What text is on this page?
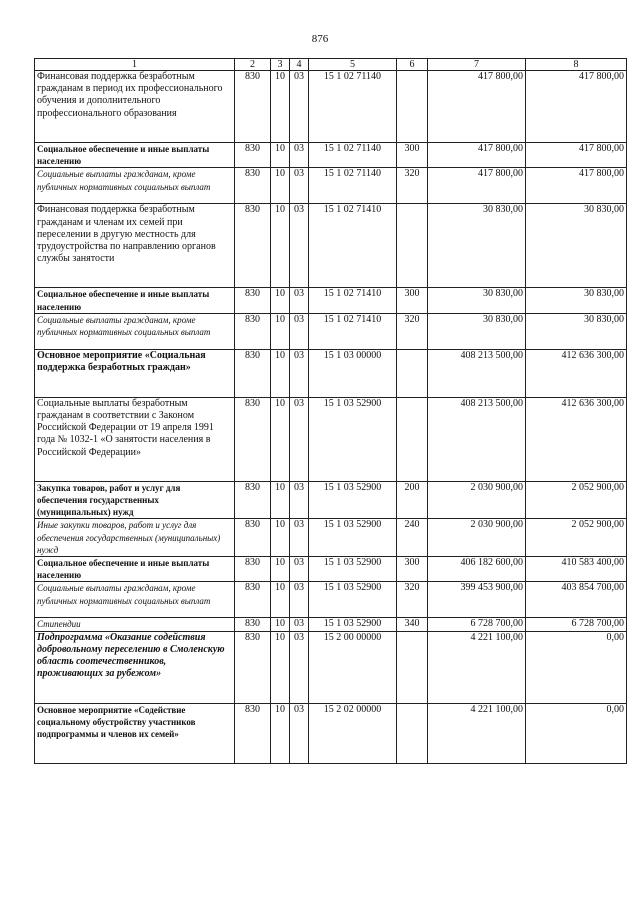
876
1	2	3	4	5	6	7	8
Финансовая поддержка безработным гражданам в период их профессионального обучения и дополнительного профессионального образования	830	10	03	15 1 02 71140		417 800,00	417 800,00
Социальное обеспечение и иные выплаты населению	830	10	03	15 1 02 71140	300	417 800,00	417 800,00
Социальные выплаты гражданам, кроме публичных нормативных социальных выплат	830	10	03	15 1 02 71140	320	417 800,00	417 800,00
Финансовая поддержка безработным гражданам и членам их семей при переселении в другую местность для трудоустройства по направлению органов службы занятости	830	10	03	15 1 02 71410		30 830,00	30 830,00
Социальное обеспечение и иные выплаты населению	830	10	03	15 1 02 71410	300	30 830,00	30 830,00
Социальные выплаты гражданам, кроме публичных нормативных социальных выплат	830	10	03	15 1 02 71410	320	30 830,00	30 830,00
Основное мероприятие «Социальная поддержка безработных граждан»	830	10	03	15 1 03 00000		408 213 500,00	412 636 300,00
Социальные выплаты безработным гражданам в соответствии с Законом Российской Федерации от 19 апреля 1991 года № 1032-1 «О занятости населения в Российской Федерации»	830	10	03	15 1 03 52900		408 213 500,00	412 636 300,00
Закупка товаров, работ и услуг для обеспечения государственных (муниципальных) нужд	830	10	03	15 1 03 52900	200	2 030 900,00	2 052 900,00
Иные закупки товаров, работ и услуг для обеспечения государственных (муниципальных) нужд	830	10	03	15 1 03 52900	240	2 030 900,00	2 052 900,00
Социальное обеспечение и иные выплаты населению	830	10	03	15 1 03 52900	300	406 182 600,00	410 583 400,00
Социальные выплаты гражданам, кроме публичных нормативных социальных выплат	830	10	03	15 1 03 52900	320	399 453 900,00	403 854 700,00
Стипендии	830	10	03	15 1 03 52900	340	6 728 700,00	6 728 700,00
Подпрограмма «Оказание содействия добровольному переселению в Смоленскую область соотечественников, проживающих за рубежом»	830	10	03	15 2 00 00000		4 221 100,00	0,00
Основное мероприятие «Содействие социальному обустройству участников подпрограммы и членов их семей»	830	10	03	15 2 02 00000		4 221 100,00	0,00
